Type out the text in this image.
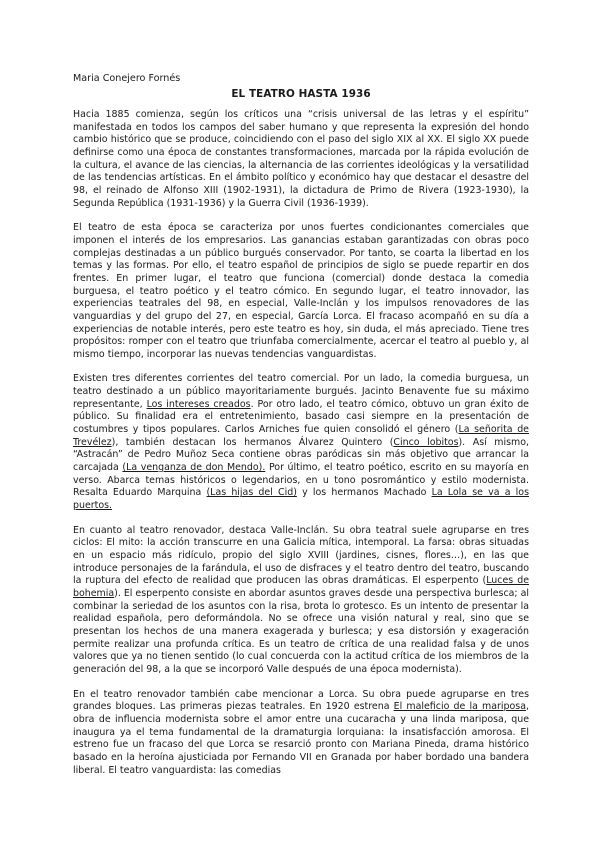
Maria Conejero Fornés
EL TEATRO HASTA 1936

Hacia 1885 comienza, según los críticos una “crisis universal de las letras y el espíritu” manifestada en todos los campos del saber humano y que representa la expresión del hondo cambio histórico que se produce, coincidiendo con el paso del siglo XIX al XX. El siglo XX puede definirse como una época de constantes transformaciones, marcada por la rápida evolución de la cultura, el avance de las ciencias, la alternancia de las corrientes ideológicas y la versatilidad de las tendencias artísticas. En el ámbito político y económico hay que destacar el desastre del 98, el reinado de Alfonso XIII (1902-1931), la dictadura de Primo de Rivera (1923-1930), la Segunda República (1931-1936) y la Guerra Civil (1936-1939).

El teatro de esta época se caracteriza por unos fuertes condicionantes comerciales que imponen el interés de los empresarios. Las ganancias estaban garantizadas con obras poco complejas destinadas a un público burgués conservador. Por tanto, se coarta la libertad en los temas y las formas. Por ello, el teatro español de principios de siglo se puede repartir en dos frentes. En primer lugar, el teatro que funciona (comercial) donde destaca la comedia burguesa, el teatro poético y el teatro cómico. En segundo lugar, el teatro innovador, las experiencias teatrales del 98, en especial, Valle-Inclán y los impulsos renovadores de las vanguardias y del grupo del 27, en especial, García Lorca. El fracaso acompañó en su día a experiencias de notable interés, pero este teatro es hoy, sin duda, el más apreciado. Tiene tres propósitos: romper con el teatro que triunfaba comercialmente, acercar el teatro al pueblo y, al mismo tiempo, incorporar las nuevas tendencias vanguardistas.

Existen tres diferentes corrientes del teatro comercial. Por un lado, la comedia burguesa, un teatro destinado a un público mayoritariamente burgués. Jacinto Benavente fue su máximo representante, Los intereses creados. Por otro lado, el teatro cómico, obtuvo un gran éxito de público. Su finalidad era el entretenimiento, basado casi siempre en la presentación de costumbres y tipos populares. Carlos Arniches fue quien consolidó el género (La señorita de Trevélez), también destacan los hermanos Álvarez Quintero (Cinco lobitos). Así mismo, “Astracán” de Pedro Muñoz Seca contiene obras paródicas sin más objetivo que arrancar la carcajada (La venganza de don Mendo). Por último, el teatro poético, escrito en su mayoría en verso. Abarca temas históricos o legendarios, en u tono posromántico y estilo modernista. Resalta Eduardo Marquina (Las hijas del Cid) y los hermanos Machado La Lola se va a los puertos.

En cuanto al teatro renovador, destaca Valle-Inclán. Su obra teatral suele agruparse en tres ciclos: El mito: la acción transcurre en una Galicia mítica, intemporal. La farsa: obras situadas en un espacio más ridículo, propio del siglo XVIII (jardines, cisnes, flores…), en las que introduce personajes de la farándula, el uso de disfraces y el teatro dentro del teatro, buscando la ruptura del efecto de realidad que producen las obras dramáticas. El esperpento (Luces de bohemia). El esperpento consiste en abordar asuntos graves desde una perspectiva burlesca; al combinar la seriedad de los asuntos con la risa, brota lo grotesco. Es un intento de presentar la realidad española, pero deformándola. No se ofrece una visión natural y real, sino que se presentan los hechos de una manera exagerada y burlesca; y esa distorsión y exageración permite realizar una profunda crítica. Es un teatro de crítica de una realidad falsa y de unos valores que ya no tienen sentido (lo cual concuerda con la actitud crítica de los miembros de la generación del 98, a la que se incorporó Valle después de una época modernista).

En el teatro renovador también cabe mencionar a Lorca. Su obra puede agruparse en tres grandes bloques. Las primeras piezas teatrales. En 1920 estrena El maleficio de la mariposa, obra de influencia modernista sobre el amor entre una cucaracha y una linda mariposa, que inaugura ya el tema fundamental de la dramaturgia lorquiana: la insatisfacción amorosa. El estreno fue un fracaso del que Lorca se resarció pronto con Mariana Pineda, drama histórico basado en la heroína ajusticiada por Fernando VII en Granada por haber bordado una bandera liberal. El teatro vanguardista: las comedias
